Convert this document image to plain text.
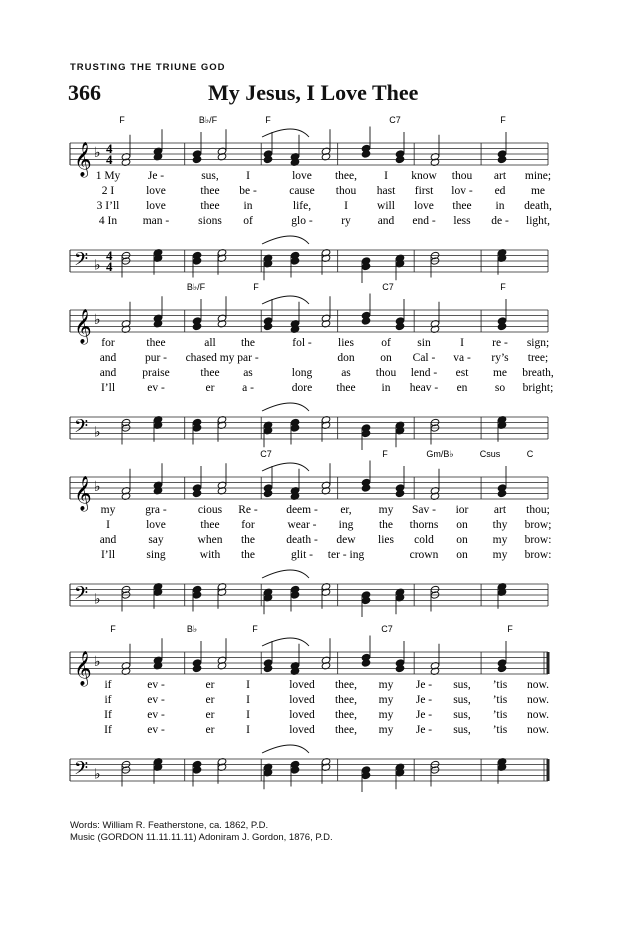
TRUSTING THE TRIUNE GOD
366	My Jesus, I Love Thee
𝄞 ♭ 4
4
𝄢 ♭
4
4
F	B♭/F	F	C7	F
1 My Je -	sus, I	love thee, I know thou art mine;
2 I	love	thee be -	cause thou hast first lov - ed me
3 I’ll love	thee in	life,	I	will love thee in death,
4 In man -	sions of	glo - ry and end - less de - light,
𝄞 ♭
𝄢 ♭
B♭/F	F	C7	F
for	thee	all the	fol - lies of sin	I re - sign;
and pur - chased my par -	don on Cal - va - ry’s tree;
and praise	thee as	long	as thou lend - est me breath,
I’ll	ev -	er a -	dore thee in heav - en so bright;
𝄞 ♭
𝄢 ♭
C7	F	Gm/B♭	Csus	C
my	gra -	cious Re - deem - er, my Sav - ior art thou;
I	love	thee for	wear - ing the thorns on thy brow;
and	say	when the	death - dew lies cold on my brow:
I’ll	sing	with the	glit - ter - ing	crown on my brow:
𝄞 ♭
𝄢 ♭
F	B♭	F	C7	F
if	ev -	er	I	loved thee, my Je - sus, ’tis now.
if	ev -	er	I	loved thee, my Je - sus, ’tis now.
If	ev -	er	I	loved thee, my Je - sus, ’tis now.
If	ev -	er	I	loved thee, my Je - sus, ’tis now.
Words: William R. Featherstone, ca. 1862, P.D.
Music (GORDON 11.11.11.11) Adoniram J. Gordon, 1876, P.D.
